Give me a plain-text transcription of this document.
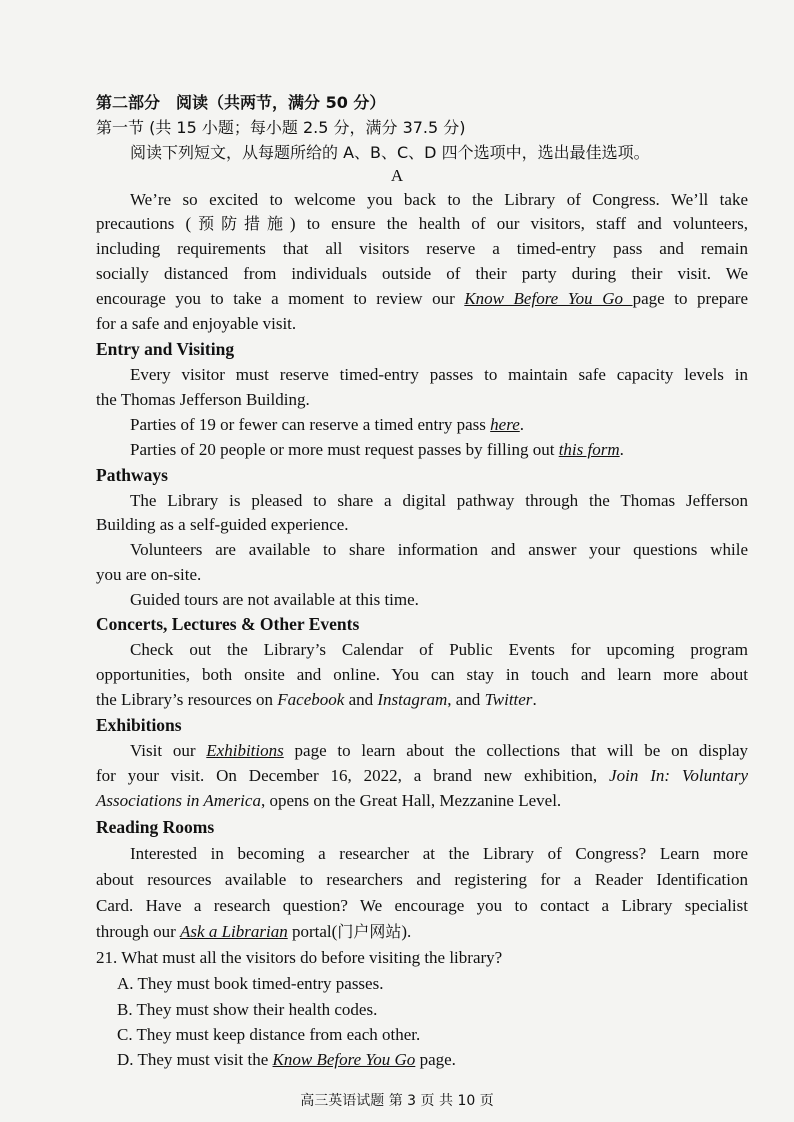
第二部分　阅读（共两节，满分 50 分）
第一节 (共 15 小题；每小题 2.5 分，满分 37.5 分)
阅读下列短文，从每题所给的 A、B、C、D 四个选项中，选出最佳选项。
A
We’re so excited to welcome you back to the Library of Congress. We’ll take
precautions (预防措施) to ensure the health of our visitors, staff and volunteers,
including requirements that all visitors reserve a timed-entry pass and remain
socially distanced from individuals outside of their party during their visit. We
encourage you to take a moment to review our Know Before You Go page to prepare
for a safe and enjoyable visit.
Entry and Visiting
Every visitor must reserve timed-entry passes to maintain safe capacity levels in
the Thomas Jefferson Building.
Parties of 19 or fewer can reserve a timed entry pass here.
Parties of 20 people or more must request passes by filling out this form.
Pathways
The Library is pleased to share a digital pathway through the Thomas Jefferson
Building as a self-guided experience.
Volunteers are available to share information and answer your questions while
you are on-site.
Guided tours are not available at this time.
Concerts, Lectures & Other Events
Check out the Library’s Calendar of Public Events for upcoming program
opportunities, both onsite and online. You can stay in touch and learn more about
the Library’s resources on Facebook and Instagram, and Twitter.
Exhibitions
Visit our Exhibitions page to learn about the collections that will be on display
for your visit. On December 16, 2022, a brand new exhibition, Join In: Voluntary
Associations in America, opens on the Great Hall, Mezzanine Level.
Reading Rooms
Interested in becoming a researcher at the Library of Congress? Learn more
about resources available to researchers and registering for a Reader Identification
Card. Have a research question? We encourage you to contact a Library specialist
through our Ask a Librarian portal(门户网站).
21. What must all the visitors do before visiting the library?
A. They must book timed-entry passes.
B. They must show their health codes.
C. They must keep distance from each other.
D. They must visit the Know Before You Go page.
高三英语试题 第 3 页 共 10 页
